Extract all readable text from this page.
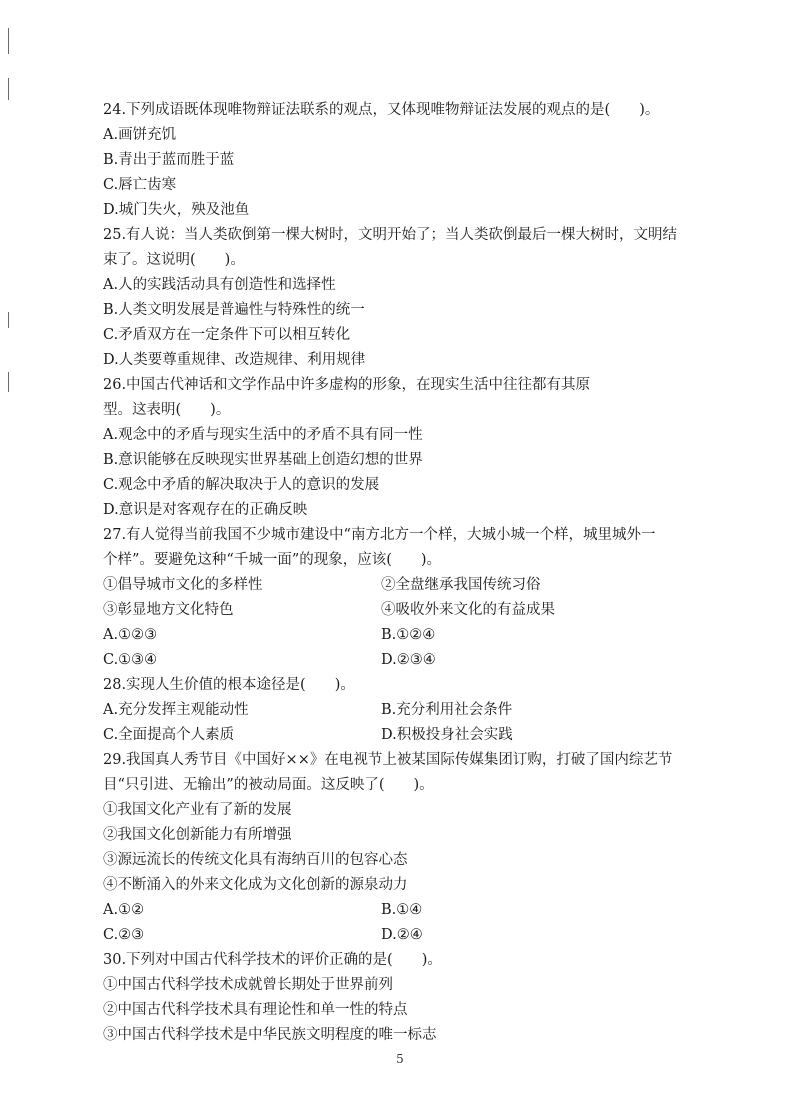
24.下列成语既体现唯物辩证法联系的观点，又体现唯物辩证法发展的观点的是(　　)。
A.画饼充饥
B.青出于蓝而胜于蓝
C.唇亡齿寒
D.城门失火，殃及池鱼
25.有人说：当人类砍倒第一棵大树时，文明开始了；当人类砍倒最后一棵大树时，文明结
束了。这说明(　　)。
A.人的实践活动具有创造性和选择性
B.人类文明发展是普遍性与特殊性的统一
C.矛盾双方在一定条件下可以相互转化
D.人类要尊重规律、改造规律、利用规律
26.中国古代神话和文学作品中许多虚构的形象，在现实生活中往往都有其原
型。这表明(　　)。
A.观念中的矛盾与现实生活中的矛盾不具有同一性
B.意识能够在反映现实世界基础上创造幻想的世界
C.观念中矛盾的解决取决于人的意识的发展
D.意识是对客观存在的正确反映
27.有人觉得当前我国不少城市建设中“南方北方一个样，大城小城一个样，城里城外一
个样”。要避免这种“千城一面”的现象，应该(　　)。
①倡导城市文化的多样性	②全盘继承我国传统习俗
③彰显地方文化特色	④吸收外来文化的有益成果
A.①②③	B.①②④
C.①③④	D.②③④
28.实现人生价值的根本途径是(　　)。
A.充分发挥主观能动性	B.充分利用社会条件
C.全面提高个人素质	D.积极投身社会实践
29.我国真人秀节目《中国好××》在电视节上被某国际传媒集团订购，打破了国内综艺节
目“只引进、无输出”的被动局面。这反映了(　　)。
①我国文化产业有了新的发展
②我国文化创新能力有所增强
③源远流长的传统文化具有海纳百川的包容心态
④不断涌入的外来文化成为文化创新的源泉动力
A.①②	B.①④
C.②③	D.②④
30.下列对中国古代科学技术的评价正确的是(　　)。
①中国古代科学技术成就曾长期处于世界前列
②中国古代科学技术具有理论性和单一性的特点
③中国古代科学技术是中华民族文明程度的唯一标志
5
